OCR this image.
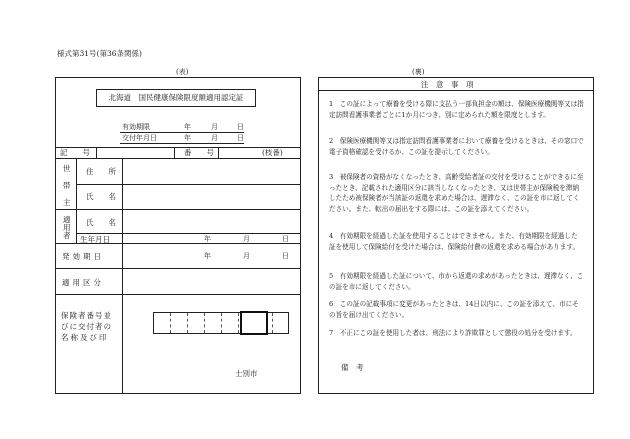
様式第31号(第36条関係)
(表)
北海道　国民健康保険限度額適用認定証
有効期限	年	月	日
交付年月日	年	月	日
記　　号	番　　号	(枝番)
世
帯
主
住　　所
氏　　名
適
用
者
氏　　名
生年月日	年	月	日
発効期日	年	月	日
適用区分
保険者番号並
びに交付者の
名称及び印
士別市
(裏)
注　意　事　項
1　この証によって療養を受ける際に支払う一部負担金の額は、保険医療機関等又は指定訪問看護事業者ごとに1か月につき、別に定められた額を限度とします。
2　保険医療機関等又は指定訪問看護事業者において療養を受けるときは、その窓口で電子資格確認を受けるか、この証を提示してください。
3　被保険者の資格がなくなったとき、高齢受給者証の交付を受けることができるに至ったとき、記載された適用区分に該当しなくなったとき、又は世帯主が保険税を滞納したため被保険者が当該証の返還を求めた場合は、遅滞なく、この証を市に返してください。また、転出の届出をする際には、この証を添えてください。
4　有効期限を経過した証を使用することはできません。また、有効期限を経過した証を使用して保険給付を受けた場合は、保険給付費の返還を求める場合があります。
5　有効期限を経過した証について、市から返還の求めがあったときは、遅滞なく、この証を市に返してください。
6　この証の記載事項に変更があったときは、14日以内に、この証を添えて、市にその旨を届け出てください。
7　不正にこの証を使用した者は、刑法により詐欺罪として懲役の処分を受けます。
備　考
